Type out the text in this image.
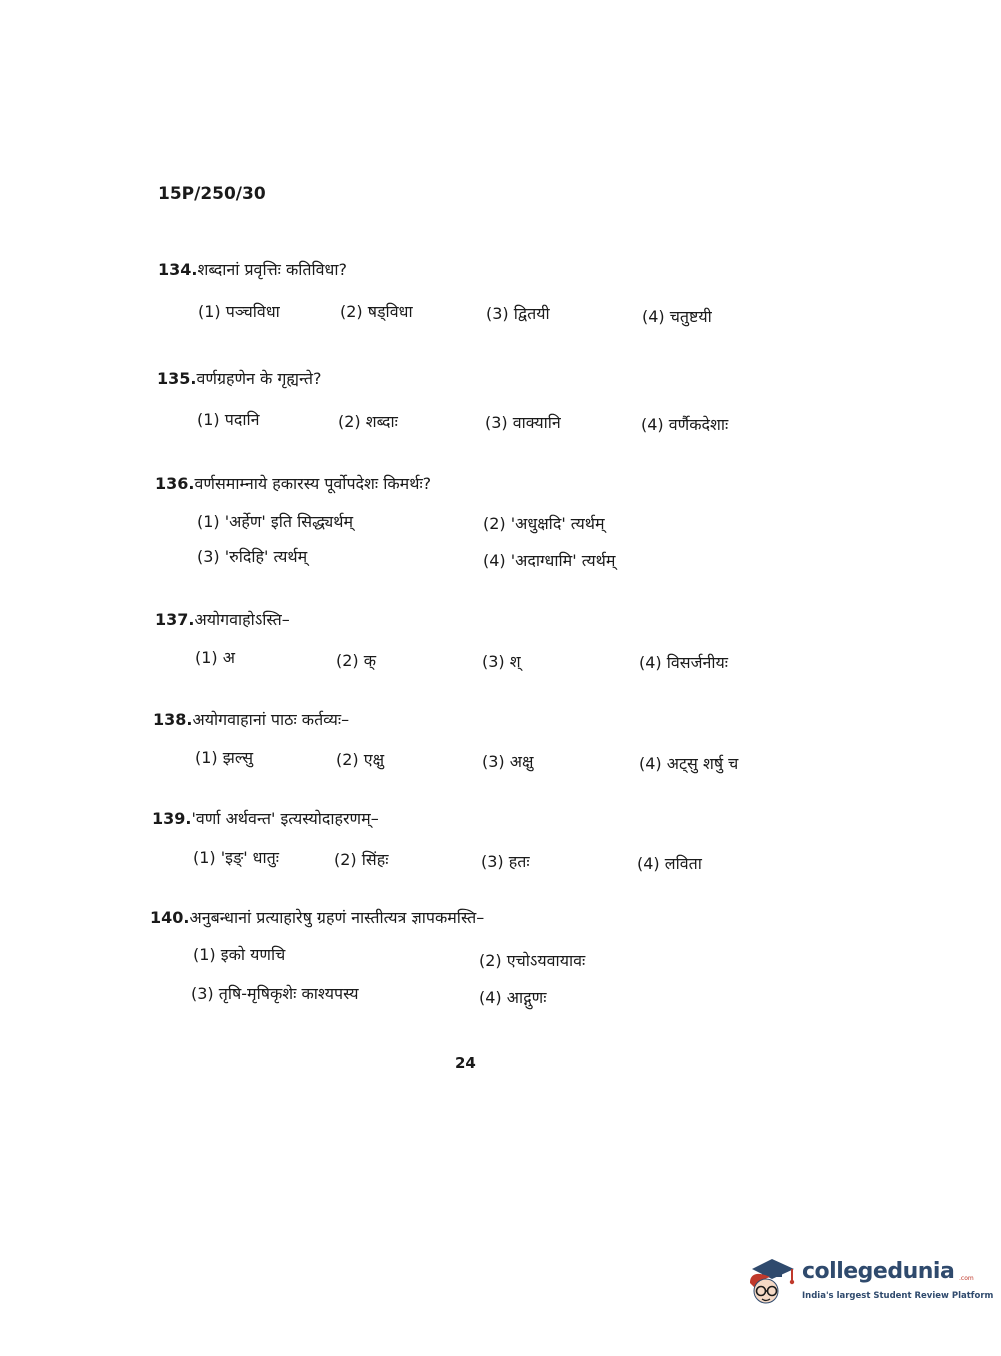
15P/250/30
134.शब्दानां प्रवृत्तिः कतिविधा?
(1) पञ्चविधा	(2) षड्विधा	(3) द्वितयी	(4) चतुष्टयी
135.वर्णग्रहणेन के गृह्यन्ते?
(1) पदानि	(2) शब्दाः	(3) वाक्यानि	(4) वर्णैकदेशाः
136.वर्णसमाम्नाये हकारस्य पूर्वोपदेशः किमर्थः?
(1) 'अर्हेण' इति सिद्ध्यर्थम्	(2) 'अधुक्षदि' त्यर्थम्
(3) 'रुदिहि' त्यर्थम्	(4) 'अदाग्धामि' त्यर्थम्
137.अयोगवाहोऽस्ति–
(1) अ	(2) क्	(3) श्	(4) विसर्जनीयः
138.अयोगवाहानां पाठः कर्तव्यः–
(1) झल्सु	(2) एक्षु	(3) अक्षु	(4) अट्सु शर्षु च
139.'वर्णा अर्थवन्त' इत्यस्योदाहरणम्–
(1) 'इङ्' धातुः	(2) सिंहः	(3) हतः	(4) लविता
140.अनुबन्धानां प्रत्याहारेषु ग्रहणं नास्तीत्यत्र ज्ञापकमस्ति–
(1) इको यणचि	(2) एचोऽयवायावः
(3) तृषि-मृषिकृशेः काश्यपस्य	(4) आद्गुणः
24
collegedunia .com
India's largest Student Review Platform
